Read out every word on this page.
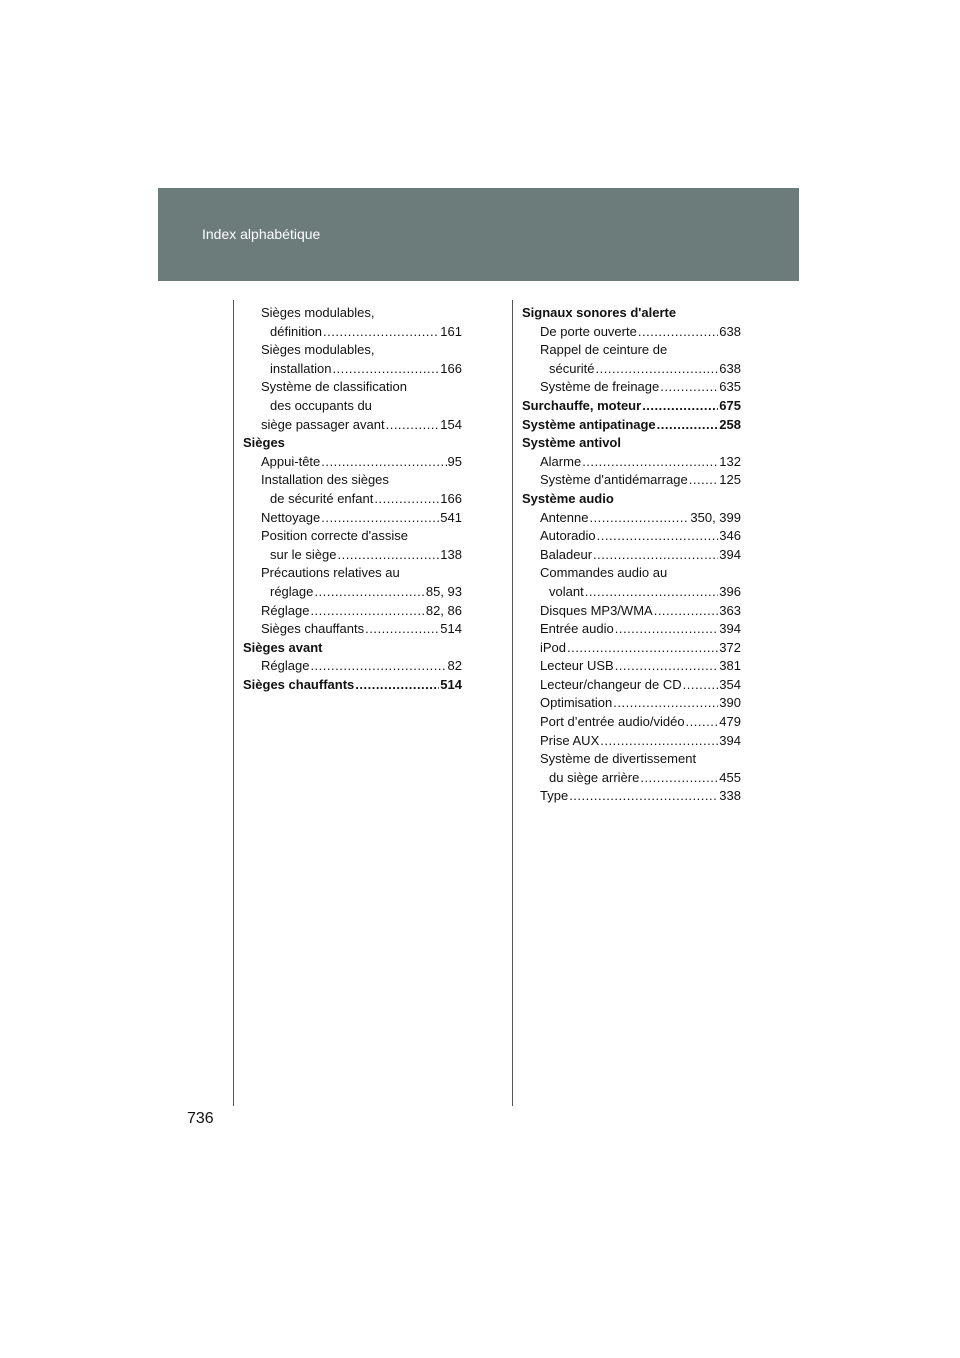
Index alphabétique
Sièges modulables,
définition .....	161
Sièges modulables,
installation .....	166
Système de classification
des occupants du
siège passager avant .....	154
Sièges
Appui-tête .....	95
Installation des sièges
de sécurité enfant .....	166
Nettoyage .....	541
Position correcte d'assise
sur le siège .....	138
Précautions relatives au
réglage .....	85, 93
Réglage .....	82, 86
Sièges chauffants .....	514
Sièges avant
Réglage .....	82
Sièges chauffants .....	514
Signaux sonores d'alerte
De porte ouverte .....	638
Rappel de ceinture de
sécurité .....	638
Système de freinage .....	635
Surchauffe, moteur .....	675
Système antipatinage .....	258
Système antivol
Alarme .....	132
Système d'antidémarrage ..... 125
Système audio
Antenne .....	350, 399
Autoradio .....	346
Baladeur .....	394
Commandes audio au
volant .....	396
Disques MP3/WMA .....	363
Entrée audio .....	394
iPod .....	372
Lecteur USB .....	381
Lecteur/changeur de CD .....	354
Optimisation .....	390
Port d’entrée audio/vidéo .....	479
Prise AUX .....	394
Système de divertissement
du siège arrière .....	455
Type .....	338
736
